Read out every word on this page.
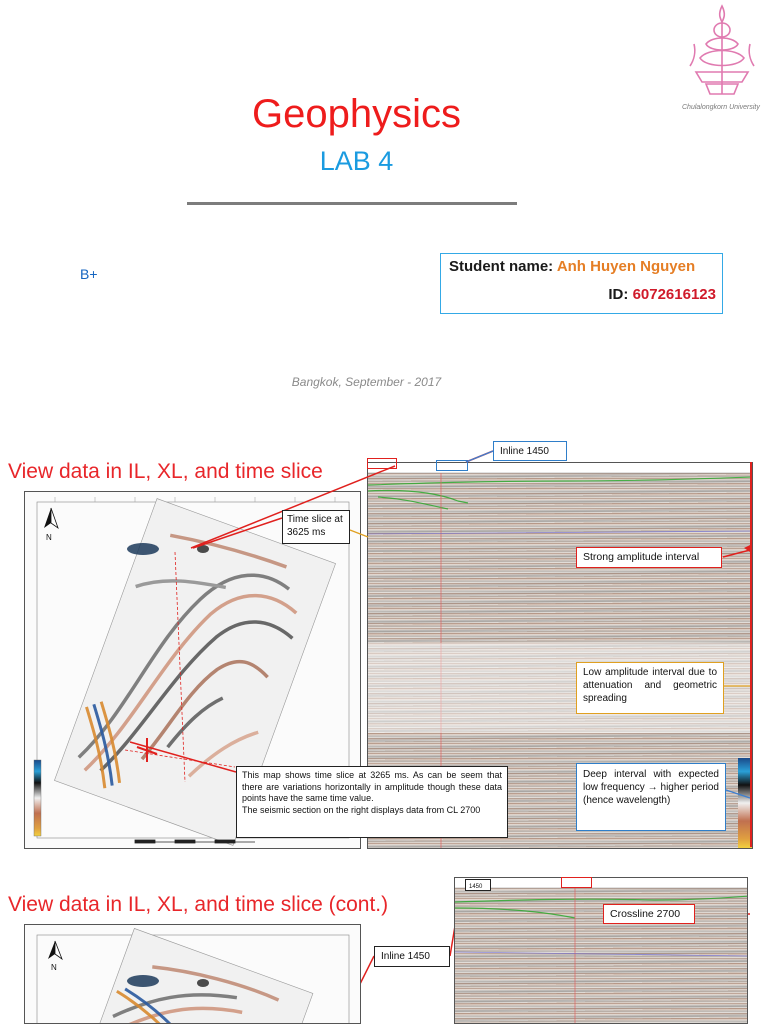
Chulalongkorn University
Geophysics
LAB 4
B+	Student name: Anh Huyen Nguyen
ID: 6072616123
Bangkok, September - 2017
View data in IL, XL, and time slice
N
Inline 1450
Time slice at 3625 ms
Strong amplitude interval
Low amplitude interval due to attenuation and geometric spreading
Deep interval with expected low frequency → higher period (hence wavelength)
This map shows time slice at 3265 ms. As can be seem that there are variations horizontally in amplitude though these data points have the same time value.
The seismic section on the right displays data from CL 2700
View data in IL, XL, and time slice (cont.)
N
1450
Crossline 2700
Inline 1450
